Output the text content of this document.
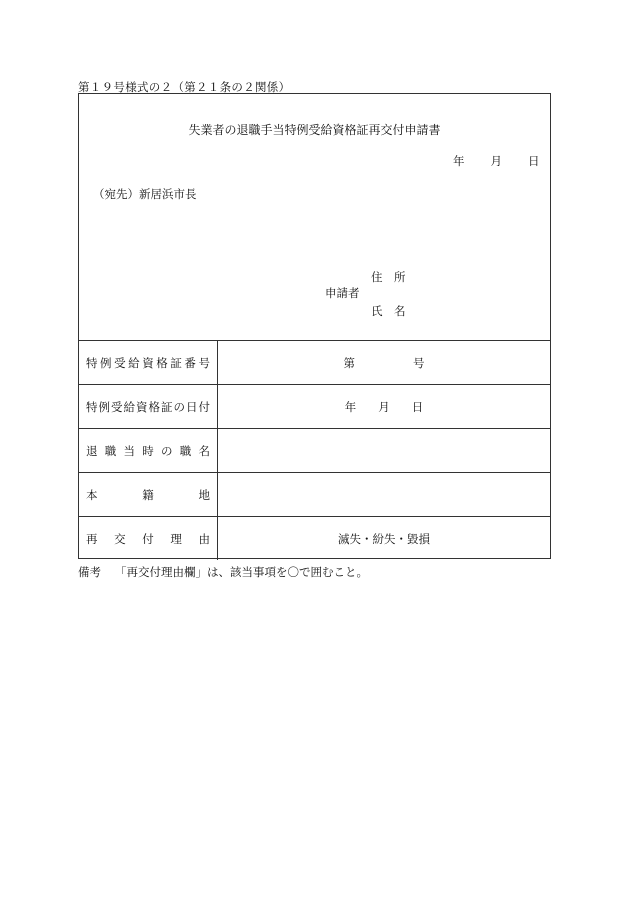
第１９号様式の２（第２１条の２関係）
失業者の退職手当特例受給資格証再交付申請書
年 月 日
（宛先）新居浜市長
住　所
申請者
氏　名
特例受給資格証番号	第	号
特例受給資格証の日付	年 月 日
退職当時の職名
本籍地
再交付理由	滅失・紛失・毀損
備考 「再交付理由欄」は、該当事項を〇で囲むこと。
